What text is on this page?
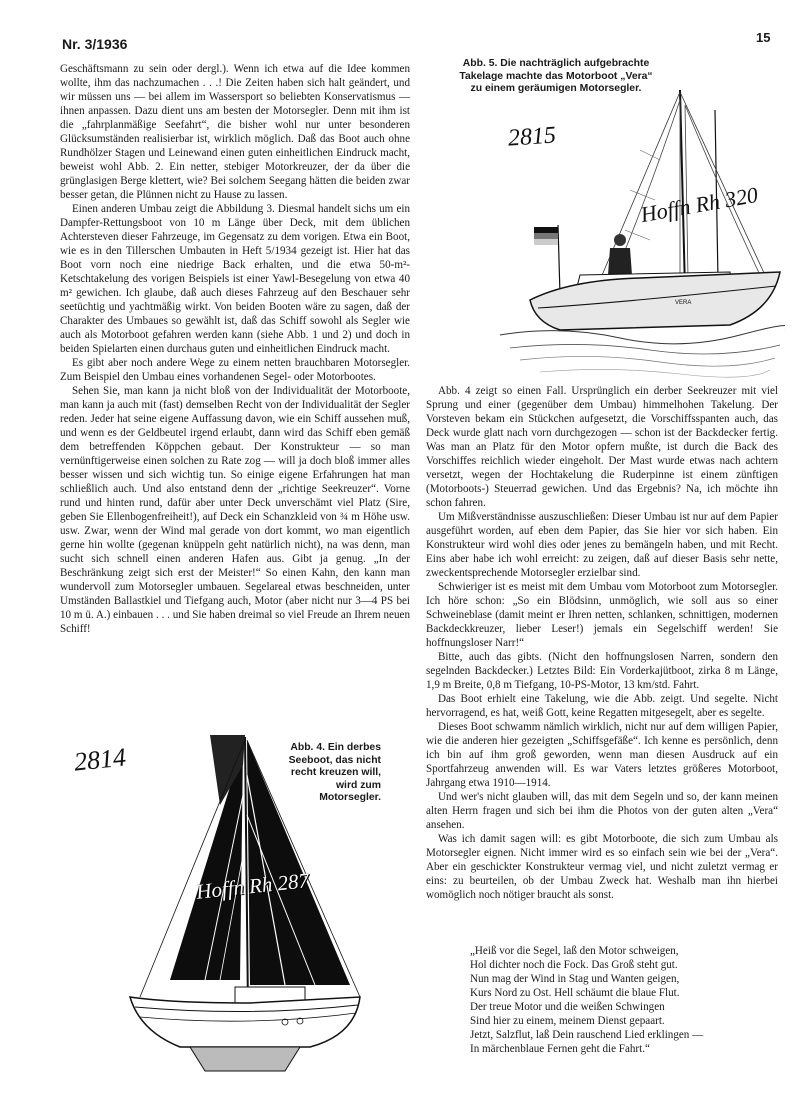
Nr. 3/1936	15

Geschäftsmann zu sein oder dergl.). Wenn ich etwa auf die Idee kommen wollte, ihm das nachzumachen . . .! Die Zeiten haben sich halt geändert, und wir müssen uns — bei allem im Wassersport so beliebten Konservatismus — ihnen anpassen. Dazu dient uns am besten der Motorsegler. Denn mit ihm ist die „fahrplanmäßige Seefahrt“, die bisher wohl nur unter besonderen Glücksumständen realisierbar ist, wirklich möglich. Daß das Boot auch ohne Rundhölzer Stagen und Leinewand einen guten einheitlichen Eindruck macht, beweist wohl Abb. 2. Ein netter, stebiger Motorkreuzer, der da über die grünglasigen Berge klettert, wie? Bei solchem Seegang hätten die beiden zwar besser getan, die Plünnen nicht zu Hause zu lassen.

Einen anderen Umbau zeigt die Abbildung 3. Diesmal handelt sichs um ein Dampfer-Rettungsboot von 10 m Länge über Deck, mit dem üblichen Achtersteven dieser Fahrzeuge, im Gegensatz zu dem vorigen. Etwa ein Boot, wie es in den Tillerschen Umbauten in Heft 5/1934 gezeigt ist. Hier hat das Boot vorn noch eine niedrige Back erhalten, und die etwa 50-m²-Ketschtakelung des vorigen Beispiels ist einer Yawl-Besegelung von etwa 40 m² gewichen. Ich glaube, daß auch dieses Fahrzeug auf den Beschauer sehr seetüchtig und yachtmäßig wirkt. Von beiden Booten wäre zu sagen, daß der Charakter des Umbaues so gewählt ist, daß das Schiff sowohl als Segler wie auch als Motorboot gefahren werden kann (siehe Abb. 1 und 2) und doch in beiden Spielarten einen durchaus guten und einheitlichen Eindruck macht.

Es gibt aber noch andere Wege zu einem netten brauchbaren Motorsegler. Zum Beispiel den Umbau eines vorhandenen Segel- oder Motorbootes.

Sehen Sie, man kann ja nicht bloß von der Individualität der Motorboote, man kann ja auch mit (fast) demselben Recht von der Individualität der Segler reden. Jeder hat seine eigene Auffassung davon, wie ein Schiff aussehen muß, und wenn es der Geldbeutel irgend erlaubt, dann wird das Schiff eben gemäß dem betreffenden Köppchen gebaut. Der Konstrukteur — so man vernünftigerweise einen solchen zu Rate zog — will ja doch bloß immer alles besser wissen und sich wichtig tun. So einige eigene Erfahrungen hat man schließlich auch. Und also entstand denn der „richtige Seekreuzer“. Vorne rund und hinten rund, dafür aber unter Deck unverschämt viel Platz (Sire, geben Sie Ellenbogenfreiheit!), auf Deck ein Schanzkleid von ¾ m Höhe usw. usw. Zwar, wenn der Wind mal gerade von dort kommt, wo man eigentlich gerne hin wollte (gegenan knüppeln geht natürlich nicht), na was denn, man sucht sich schnell einen anderen Hafen aus. Gibt ja genug. „In der Beschränkung zeigt sich erst der Meister!“ So einen Kahn, den kann man wundervoll zum Motorsegler umbauen. Segelareal etwas beschneiden, unter Umständen Ballastkiel und Tiefgang auch, Motor (aber nicht nur 3—4 PS bei 10 m ü. A.) einbauen . . . und Sie haben dreimal so viel Freude an Ihrem neuen Schiff!

Abb. 5. Die nachträglich aufgebrachte Takelage machte das Motorboot „Vera“ zu einem geräumigen Motorsegler.
VERA
2815
Hoffn Rh 320

Abb. 4 zeigt so einen Fall. Ursprünglich ein derber Seekreuzer mit viel Sprung und einer (gegenüber dem Umbau) himmelhohen Takelung. Der Vorsteven bekam ein Stückchen aufgesetzt, die Vorschiffsspanten auch, das Deck wurde glatt nach vorn durchgezogen — schon ist der Backdecker fertig. Was man an Platz für den Motor opfern mußte, ist durch die Back des Vorschiffes reichlich wieder eingeholt. Der Mast wurde etwas nach achtern versetzt, wegen der Hochtakelung die Ruderpinne ist einem zünftigen (Motorboots-) Steuerrad gewichen. Und das Ergebnis? Na, ich möchte ihn schon fahren.

Um Mißverständnisse auszuschließen: Dieser Umbau ist nur auf dem Papier ausgeführt worden, auf eben dem Papier, das Sie hier vor sich haben. Ein Konstrukteur wird wohl dies oder jenes zu bemängeln haben, und mit Recht. Eins aber habe ich wohl erreicht: zu zeigen, daß auf dieser Basis sehr nette, zweckentsprechende Motorsegler erzielbar sind.

Schwieriger ist es meist mit dem Umbau vom Motorboot zum Motorsegler. Ich höre schon: „So ein Blödsinn, unmöglich, wie soll aus so einer Schweineblase (damit meint er Ihren netten, schlanken, schnittigen, modernen Backdeckkreuzer, lieber Leser!) jemals ein Segelschiff werden! Sie hoffnungsloser Narr!“

Bitte, auch das gibts. (Nicht den hoffnungslosen Narren, sondern den segelnden Backdecker.) Letztes Bild: Ein Vorderkajütboot, zirka 8 m Länge, 1,9 m Breite, 0,8 m Tiefgang, 10-PS-Motor, 13 km/std. Fahrt.

Das Boot erhielt eine Takelung, wie die Abb. zeigt. Und segelte. Nicht hervorragend, es hat, weiß Gott, keine Regatten mitgesegelt, aber es segelte.

Dieses Boot schwamm nämlich wirklich, nicht nur auf dem willigen Papier, wie die anderen hier gezeigten „Schiffsgefäße“. Ich kenne es persönlich, denn ich bin auf ihm groß geworden, wenn man diesen Ausdruck auf ein Sportfahrzeug anwenden will. Es war Vaters letztes größeres Motorboot, Jahrgang etwa 1910—1914.

Und wer's nicht glauben will, das mit dem Segeln und so, der kann meinen alten Herrn fragen und sich bei ihm die Photos von der guten alten „Vera“ ansehen.

Was ich damit sagen will: es gibt Motorboote, die sich zum Umbau als Motorsegler eignen. Nicht immer wird es so einfach sein wie bei der „Vera“. Aber ein geschickter Konstrukteur vermag viel, und nicht zuletzt vermag er eins: zu beurteilen, ob der Umbau Zweck hat. Weshalb man ihn hierbei womöglich noch nötiger braucht als sonst.

„Heiß vor die Segel, laß den Motor schweigen,
Hol dichter noch die Fock. Das Groß steht gut.
Nun mag der Wind in Stag und Wanten geigen,
Kurs Nord zu Ost. Hell schäumt die blaue Flut.
Der treue Motor und die weißen Schwingen
Sind hier zu einem, meinem Dienst gepaart.
Jetzt, Salzflut, laß Dein rauschend Lied erklingen —
In märchenblaue Fernen geht die Fahrt.“
Abb. 4. Ein derbes Seeboot, das nicht recht kreuzen will, wird zum Motorsegler.
2814
Hoffn Rh 287
